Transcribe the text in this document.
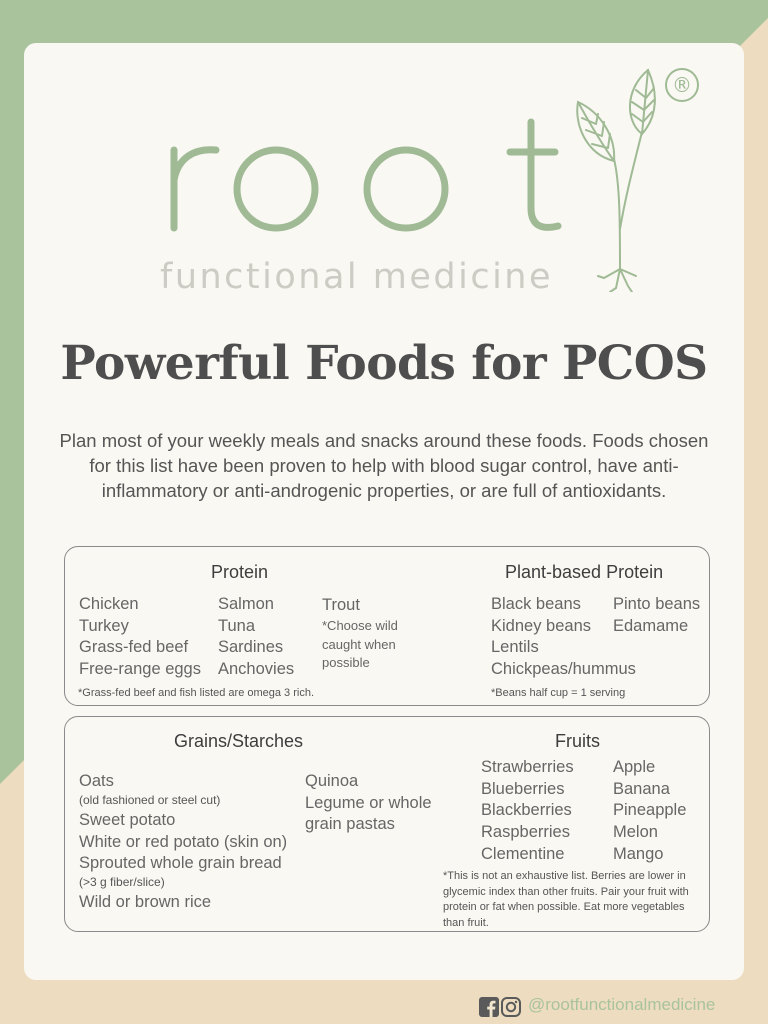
®
functional medicine
Powerful Foods for PCOS

Plan most of your weekly meals and snacks around these foods. Foods chosen for this list have been proven to help with blood sugar control, have anti-inflammatory or anti-androgenic properties, or are full of antioxidants.

Protein
Chicken
Turkey
Grass-fed beef
Free-range eggs
Salmon
Tuna
Sardines
Anchovies
Trout
*Choose wild
caught when
possible
*Grass-fed beef and fish listed are omega 3 rich.
Plant-based Protein
Black beans
Kidney beans
Lentils
Chickpeas/hummus
Pinto beans
Edamame
*Beans half cup = 1 serving
Grains/Starches
Oats
(old fashioned or steel cut)
Sweet potato
White or red potato (skin on)
Sprouted whole grain bread
(>3 g fiber/slice)
Wild or brown rice
Quinoa
Legume or whole
grain pastas
Fruits
Strawberries
Blueberries
Blackberries
Raspberries
Clementine
Apple
Banana
Pineapple
Melon
Mango
*This is not an exhaustive list. Berries are lower in glycemic index than other fruits. Pair your fruit with protein or fat when possible. Eat more vegetables than fruit.
@rootfunctionalmedicine
